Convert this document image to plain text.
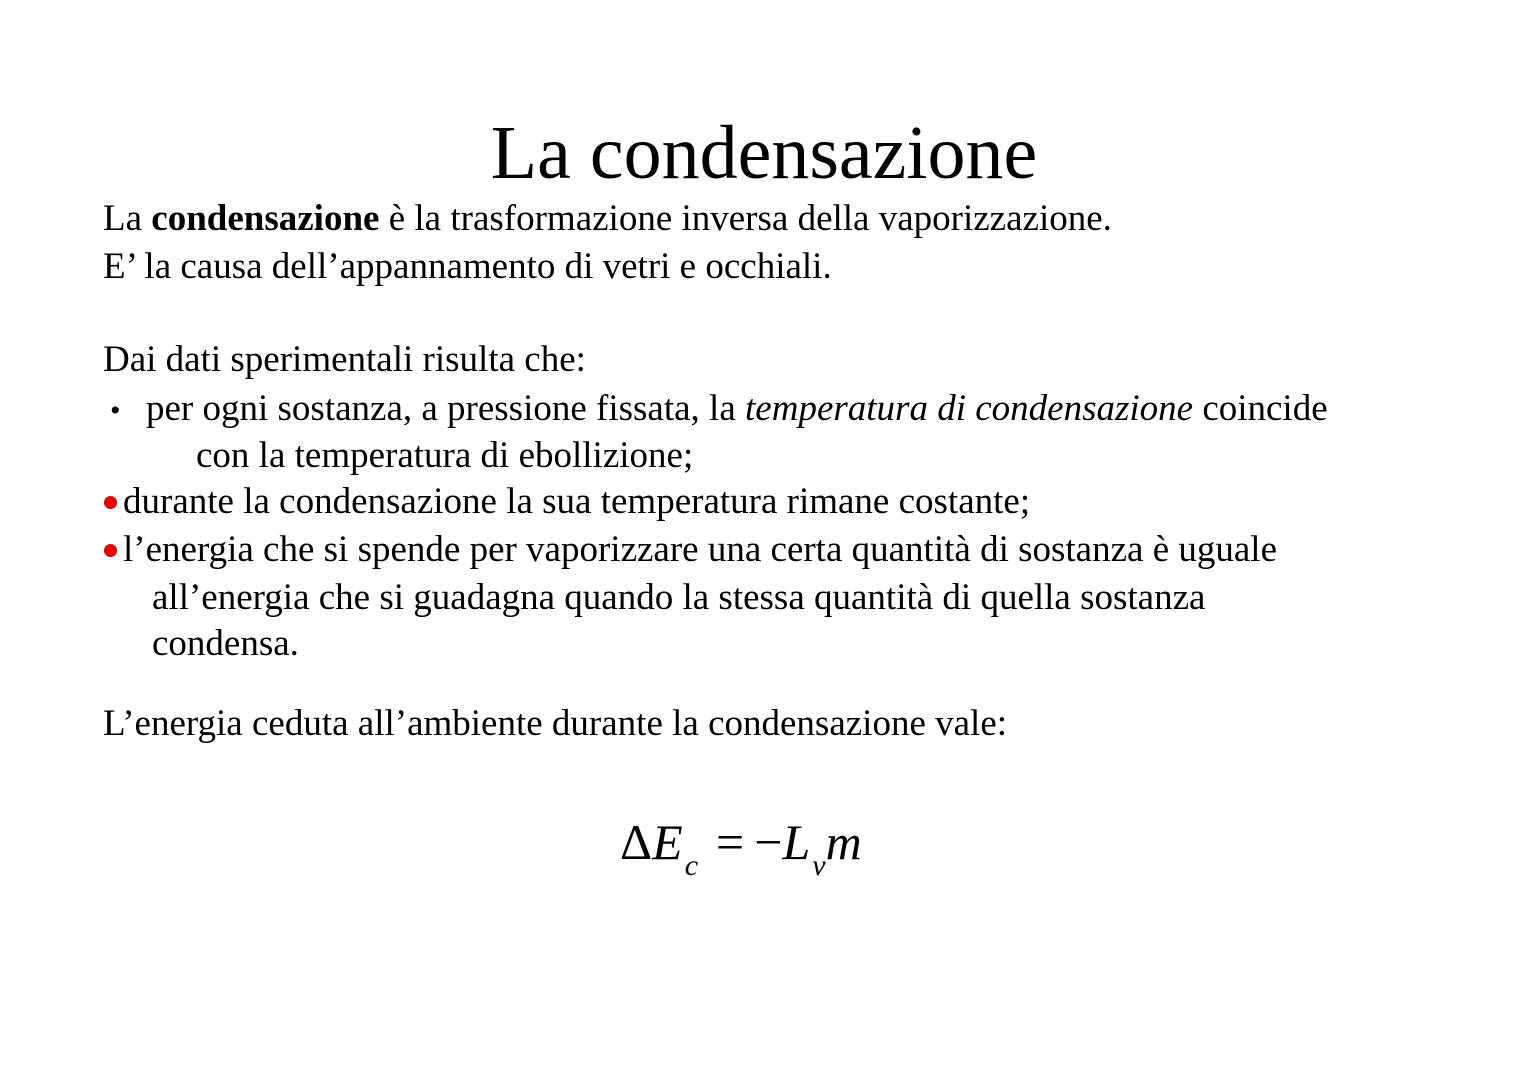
La condensazione
La condensazione è la trasformazione inversa della vaporizzazione.
E’ la causa dell’appannamento di vetri e occhiali.
Dai dati sperimentali risulta che:
• per ogni sostanza, a pressione fissata, la temperatura di condensazione coincide
con la temperatura di ebollizione;
durante la condensazione la sua temperatura rimane costante;
l’energia che si spende per vaporizzare una certa quantità di sostanza è uguale
all’energia che si guadagna quando la stessa quantità di quella sostanza
condensa.
L’energia ceduta all’ambiente durante la condensazione vale:
$\Delta E_c = -L_vm$
